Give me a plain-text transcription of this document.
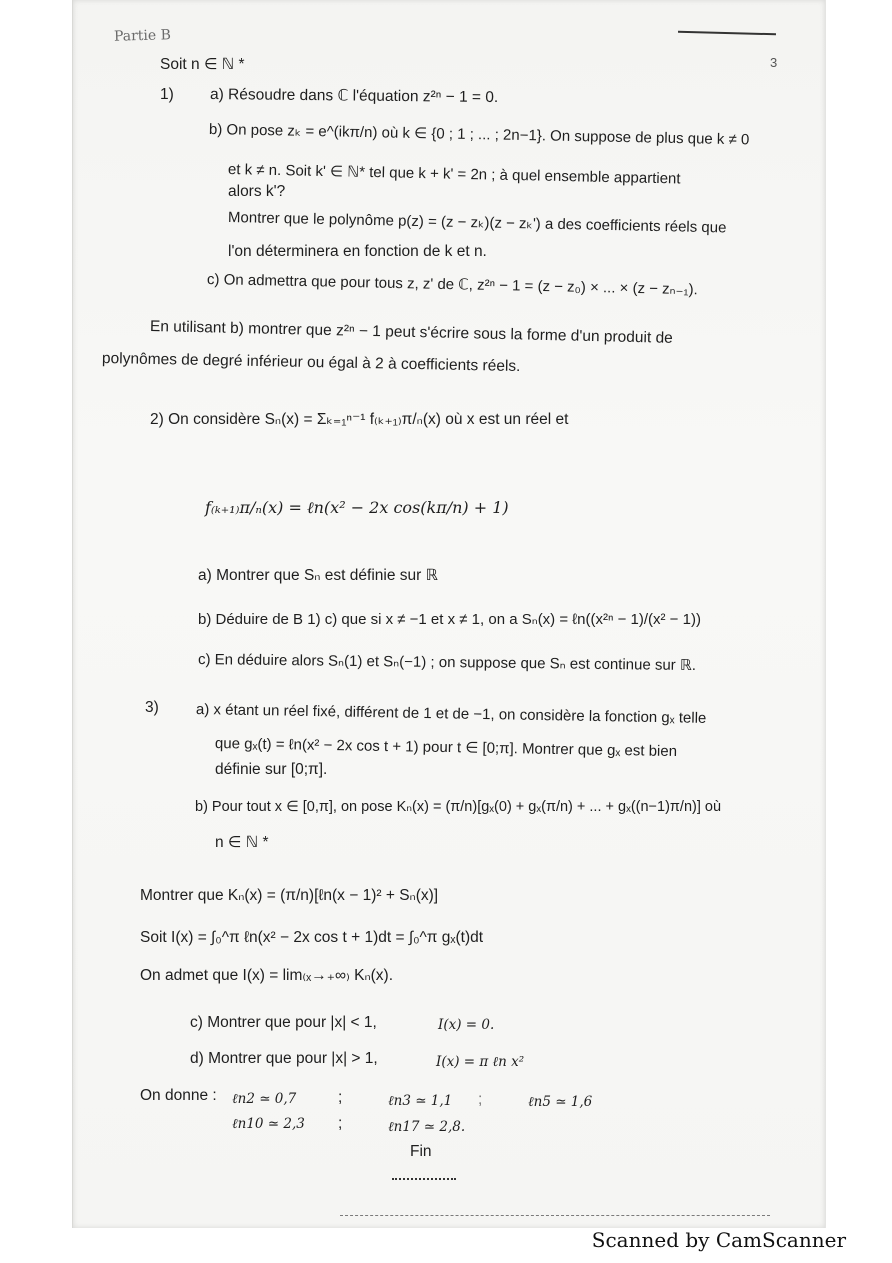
Partie B
Soit n ∈ ℕ *	3
1) a) Résoudre dans ℂ l'équation z²ⁿ − 1 = 0.
b) On pose zₖ = e^(ikπ/n) où k ∈ {0 ; 1 ; ... ; 2n−1}. On suppose de plus que k ≠ 0
et k ≠ n. Soit k' ∈ ℕ* tel que k + k' = 2n ; à quel ensemble appartient
alors k'?
Montrer que le polynôme p(z) = (z − zₖ)(z − zₖ') a des coefficients réels que
l'on déterminera en fonction de k et n.
c) On admettra que pour tous z, z' de ℂ, z²ⁿ − 1 = (z − z₀) × ... × (z − zₙ₋₁).
En utilisant b) montrer que z²ⁿ − 1 peut s'écrire sous la forme d'un produit de
polynômes de degré inférieur ou égal à 2 à coefficients réels.
2) On considère Sₙ(x) = Σₖ₌₁ⁿ⁻¹ f₍ₖ₊₁₎π/ₙ(x) où x est un réel et
f₍ₖ₊₁₎π/ₙ(x) = ℓn(x² − 2x cos(kπ/n) + 1)
a) Montrer que Sₙ est définie sur ℝ
b) Déduire de B 1) c) que si x ≠ −1 et x ≠ 1, on a Sₙ(x) = ℓn((x²ⁿ − 1)/(x² − 1))
c) En déduire alors Sₙ(1) et Sₙ(−1) ; on suppose que Sₙ est continue sur ℝ.
3) a) x étant un réel fixé, différent de 1 et de −1, on considère la fonction gₓ telle
que gₓ(t) = ℓn(x² − 2x cos t + 1) pour t ∈ [0;π]. Montrer que gₓ est bien
définie sur [0;π].
b) Pour tout x ∈ [0,π], on pose Kₙ(x) = (π/n)[gₓ(0) + gₓ(π/n) + ... + gₓ((n−1)π/n)] où
n ∈ ℕ *
Montrer que Kₙ(x) = (π/n)[ℓn(x − 1)² + Sₙ(x)]
Soit I(x) = ∫₀^π ℓn(x² − 2x cos t + 1)dt = ∫₀^π gₓ(t)dt
On admet que I(x) = lim₍ₓ→₊∞₎ Kₙ(x).
c) Montrer que pour |x| < 1,	I(x) = 0.
d) Montrer que pour |x| > 1,	I(x) = π ℓn x²
On donne : ℓn2 ≃ 0,7	;	ℓn3 ≃ 1,1 ;	ℓn5 ≃ 1,6
ℓn10 ≃ 2,3 ;	ℓn17 ≃ 2,8.
Fin
Scanned by CamScanner
